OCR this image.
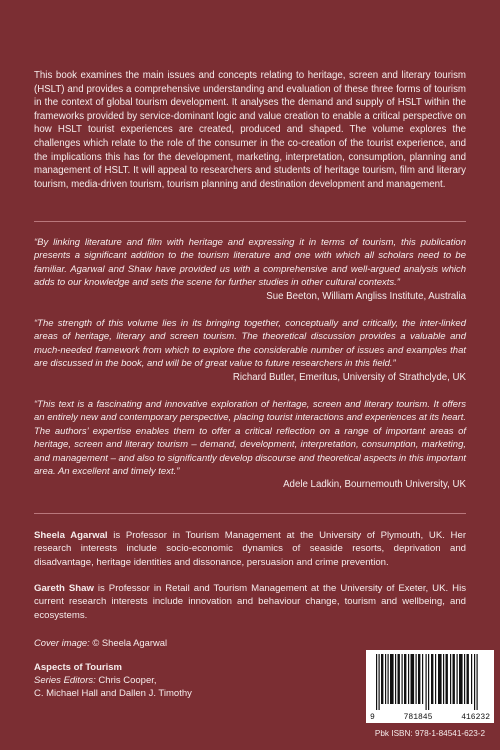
This book examines the main issues and concepts relating to heritage, screen and literary tourism (HSLT) and provides a comprehensive understanding and evaluation of these three forms of tourism in the context of global tourism development. It analyses the demand and supply of HSLT within the frameworks provided by service-dominant logic and value creation to enable a critical perspective on how HSLT tourist experiences are created, produced and shaped. The volume explores the challenges which relate to the role of the consumer in the co-creation of the tourist experience, and the implications this has for the development, marketing, interpretation, consumption, planning and management of HSLT. It will appeal to researchers and students of heritage tourism, film and literary tourism, media-driven tourism, tourism planning and destination development and management.

“By linking literature and film with heritage and expressing it in terms of tourism, this publication presents a significant addition to the tourism literature and one with which all scholars need to be familiar. Agarwal and Shaw have provided us with a comprehensive and well-argued analysis which adds to our knowledge and sets the scene for further studies in other cultural contexts.”

Sue Beeton, William Angliss Institute, Australia

“The strength of this volume lies in its bringing together, conceptually and critically, the inter-linked areas of heritage, literary and screen tourism. The theoretical discussion provides a valuable and much-needed framework from which to explore the considerable number of issues and examples that are discussed in the book, and will be of great value to future researchers in this field.”

Richard Butler, Emeritus, University of Strathclyde, UK

“This text is a fascinating and innovative exploration of heritage, screen and literary tourism. It offers an entirely new and contemporary perspective, placing tourist interactions and experiences at its heart. The authors’ expertise enables them to offer a critical reflection on a range of important areas of heritage, screen and literary tourism – demand, development, interpretation, consumption, marketing, and management – and also to significantly develop discourse and theoretical aspects in this important area. An excellent and timely text.”

Adele Ladkin, Bournemouth University, UK

Sheela Agarwal is Professor in Tourism Management at the University of Plymouth, UK. Her research interests include socio-economic dynamics of seaside resorts, deprivation and disadvantage, heritage identities and dissonance, persuasion and crime prevention.

Gareth Shaw is Professor in Retail and Tourism Management at the University of Exeter, UK. His current research interests include innovation and behaviour change, tourism and wellbeing, and ecosystems.

Cover image: © Sheela Agarwal

Aspects of Tourism
Series Editors: Chris Cooper,
C. Michael Hall and Dallen J. Timothy
9	781845	416232

Pbk ISBN: 978-1-84541-623-2
